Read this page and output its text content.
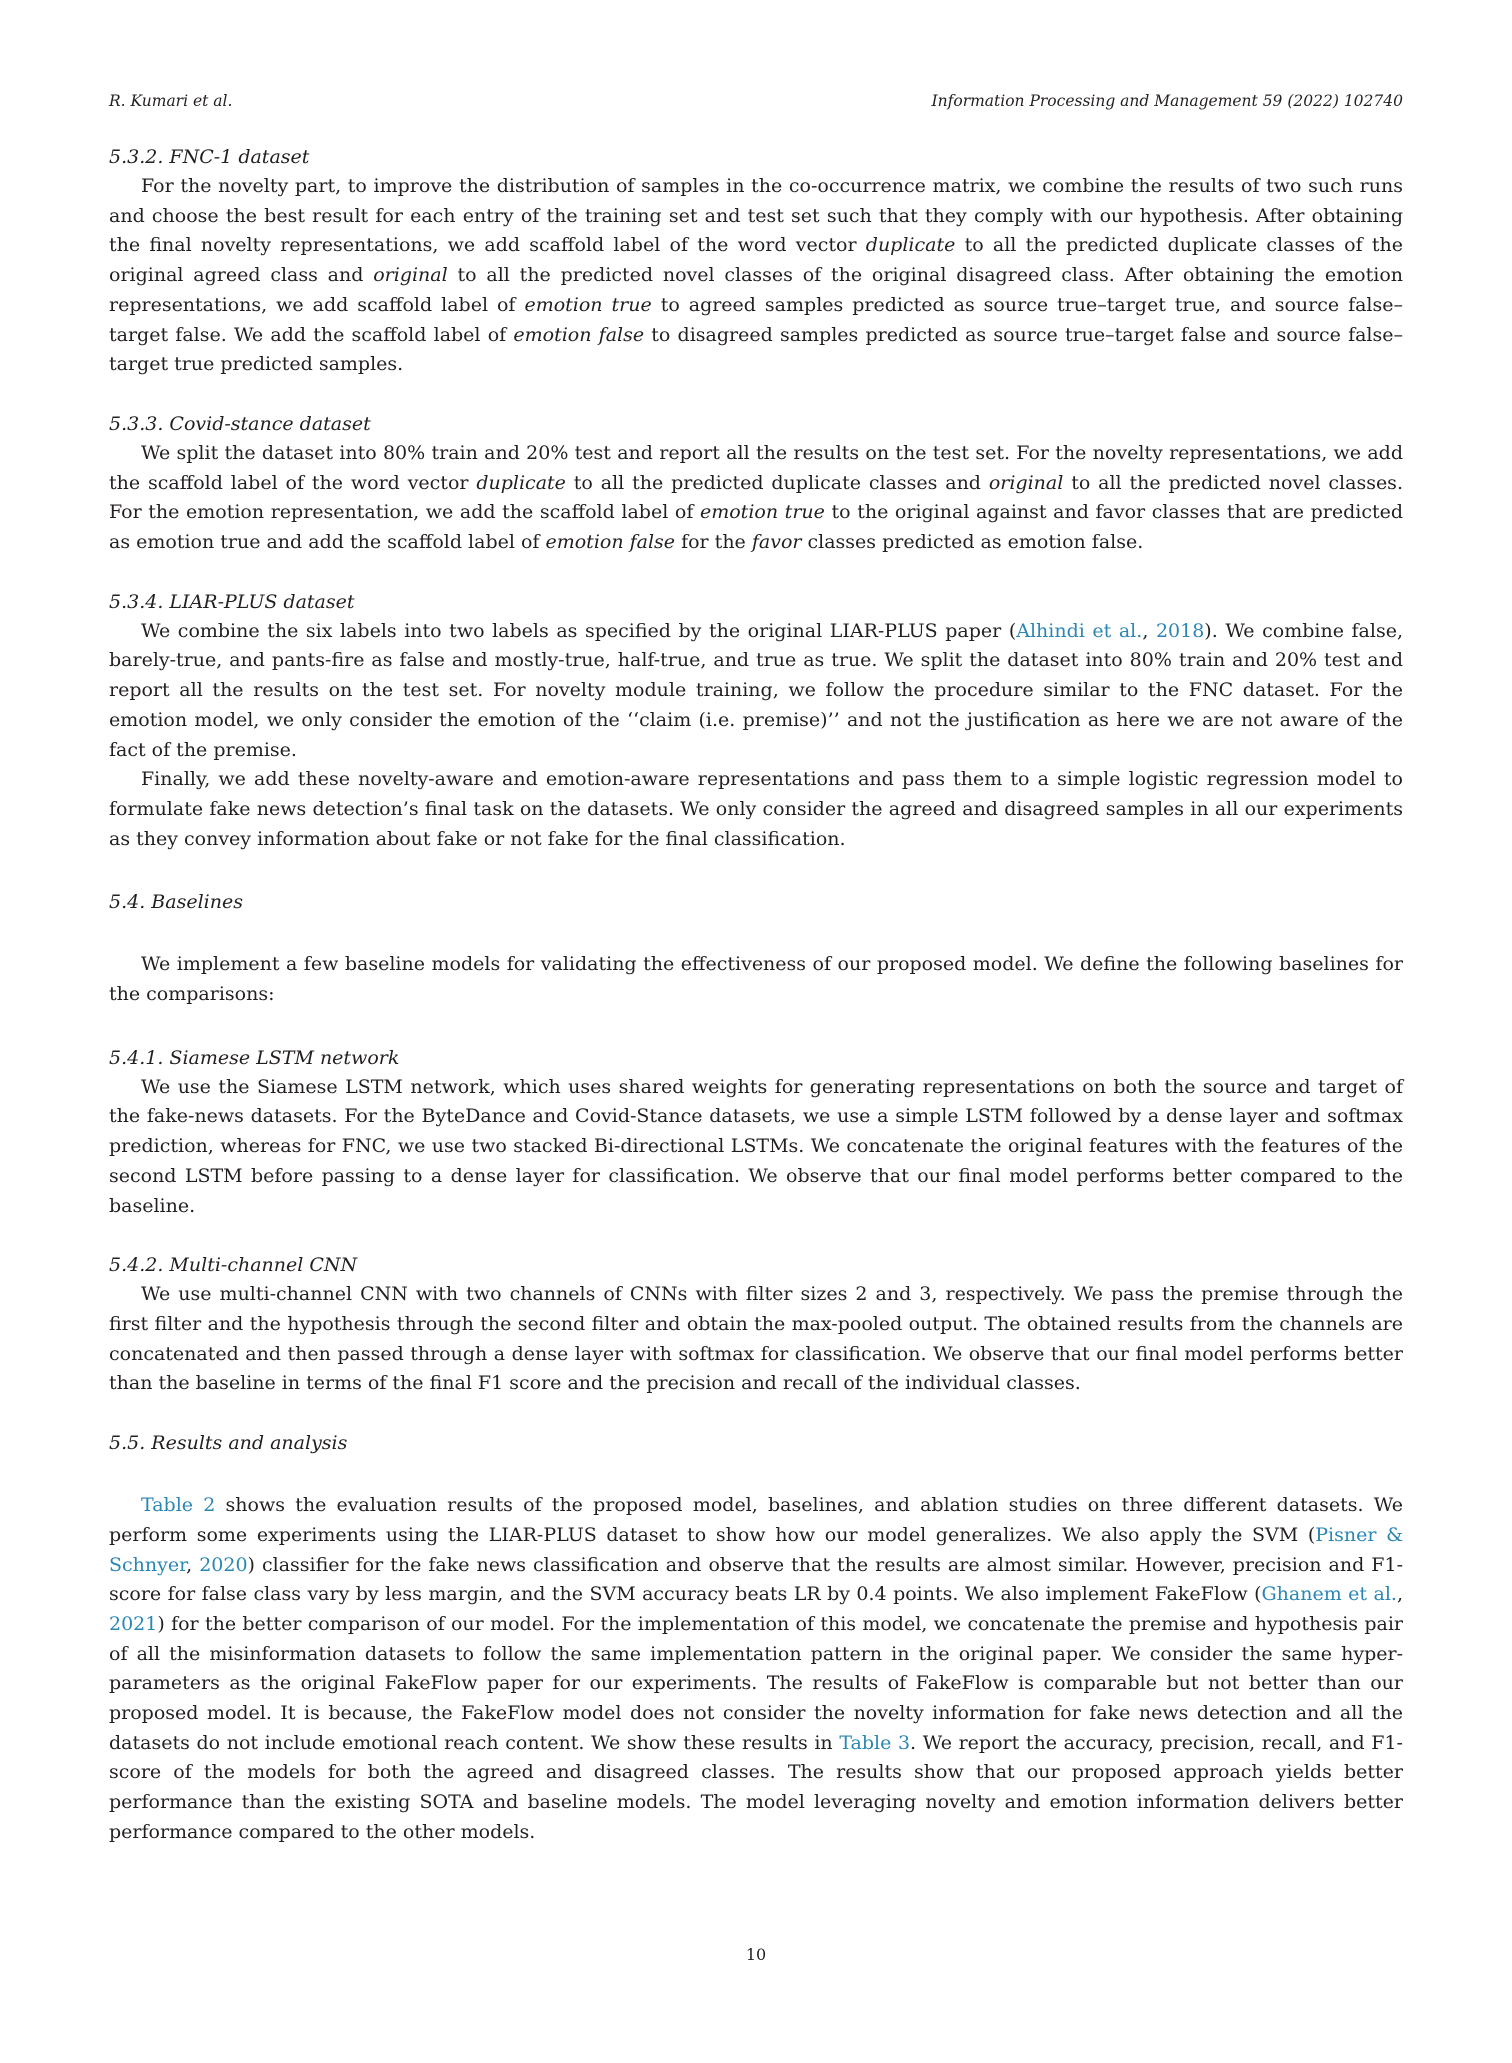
R. Kumari et al.	Information Processing and Management 59 (2022) 102740
5.3.2. FNC-1 dataset

For the novelty part, to improve the distribution of samples in the co-occurrence matrix, we combine the results of two such runs and choose the best result for each entry of the training set and test set such that they comply with our hypothesis. After obtaining the final novelty representations, we add scaffold label of the word vector duplicate to all the predicted duplicate classes of the original agreed class and original to all the predicted novel classes of the original disagreed class. After obtaining the emotion representations, we add scaffold label of emotion true to agreed samples predicted as source true–target true, and source false–target false. We add the scaffold label of emotion false to disagreed samples predicted as source true–target false and source false–target true predicted samples.

5.3.3. Covid-stance dataset

We split the dataset into 80% train and 20% test and report all the results on the test set. For the novelty representations, we add the scaffold label of the word vector duplicate to all the predicted duplicate classes and original to all the predicted novel classes. For the emotion representation, we add the scaffold label of emotion true to the original against and favor classes that are predicted as emotion true and add the scaffold label of emotion false for the favor classes predicted as emotion false.

5.3.4. LIAR-PLUS dataset

We combine the six labels into two labels as specified by the original LIAR-PLUS paper (Alhindi et al., 2018). We combine false, barely-true, and pants-fire as false and mostly-true, half-true, and true as true. We split the dataset into 80% train and 20% test and report all the results on the test set. For novelty module training, we follow the procedure similar to the FNC dataset. For the emotion model, we only consider the emotion of the ‘‘claim (i.e. premise)’’ and not the justification as here we are not aware of the fact of the premise.

Finally, we add these novelty-aware and emotion-aware representations and pass them to a simple logistic regression model to formulate fake news detection’s final task on the datasets. We only consider the agreed and disagreed samples in all our experiments as they convey information about fake or not fake for the final classification.

5.4. Baselines

We implement a few baseline models for validating the effectiveness of our proposed model. We define the following baselines for the comparisons:

5.4.1. Siamese LSTM network

We use the Siamese LSTM network, which uses shared weights for generating representations on both the source and target of the fake-news datasets. For the ByteDance and Covid-Stance datasets, we use a simple LSTM followed by a dense layer and softmax prediction, whereas for FNC, we use two stacked Bi-directional LSTMs. We concatenate the original features with the features of the second LSTM before passing to a dense layer for classification. We observe that our final model performs better compared to the baseline.

5.4.2. Multi-channel CNN

We use multi-channel CNN with two channels of CNNs with filter sizes 2 and 3, respectively. We pass the premise through the first filter and the hypothesis through the second filter and obtain the max-pooled output. The obtained results from the channels are concatenated and then passed through a dense layer with softmax for classification. We observe that our final model performs better than the baseline in terms of the final F1 score and the precision and recall of the individual classes.

5.5. Results and analysis

Table 2 shows the evaluation results of the proposed model, baselines, and ablation studies on three different datasets. We perform some experiments using the LIAR-PLUS dataset to show how our model generalizes. We also apply the SVM (Pisner & Schnyer, 2020) classifier for the fake news classification and observe that the results are almost similar. However, precision and F1-score for false class vary by less margin, and the SVM accuracy beats LR by 0.4 points. We also implement FakeFlow (Ghanem et al., 2021) for the better comparison of our model. For the implementation of this model, we concatenate the premise and hypothesis pair of all the misinformation datasets to follow the same implementation pattern in the original paper. We consider the same hyper-parameters as the original FakeFlow paper for our experiments. The results of FakeFlow is comparable but not better than our proposed model. It is because, the FakeFlow model does not consider the novelty information for fake news detection and all the datasets do not include emotional reach content. We show these results in Table 3. We report the accuracy, precision, recall, and F1-score of the models for both the agreed and disagreed classes. The results show that our proposed approach yields better performance than the existing SOTA and baseline models. The model leveraging novelty and emotion information delivers better performance compared to the other models.

10
